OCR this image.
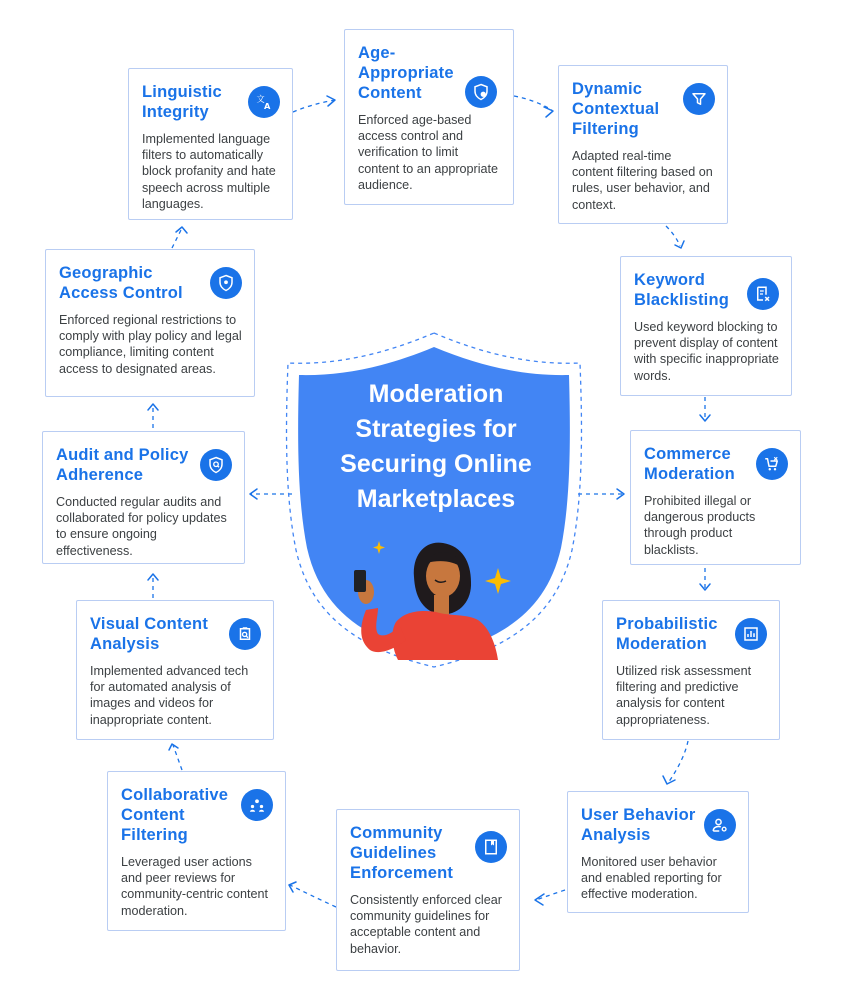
Moderation
Strategies for
Securing Online
Marketplaces
Linguistic Integrity
Implemented language filters to automatically block profanity and hate speech across multiple languages.
文
A
Age-Appropriate Content
Enforced age-based access control and verification to limit content to an appropriate audience.
Dynamic Contextual Filtering
Adapted real-time content filtering based on rules, user behavior, and context.
Geographic Access Control
Enforced regional restrictions to comply with play policy and legal compliance, limiting content access to designated areas.
Keyword Blacklisting
Used keyword blocking to prevent display of content with specific inappropriate words.
Audit and Policy Adherence
Conducted regular audits and collaborated for policy updates to ensure ongoing effectiveness.
Commerce Moderation
Prohibited illegal or dangerous products through product blacklists.
Visual Content Analysis
Implemented advanced tech for automated analysis of images and videos for inappropriate content.
Probabilistic Moderation
Utilized risk assessment filtering and predictive analysis for content appropriateness.
Collaborative Content Filtering
Leveraged user actions and peer reviews for community-centric content moderation.
Community Guidelines Enforcement
Consistently enforced clear community guidelines for acceptable content and behavior.
User Behavior Analysis
Monitored user behavior and enabled reporting for effective moderation.
